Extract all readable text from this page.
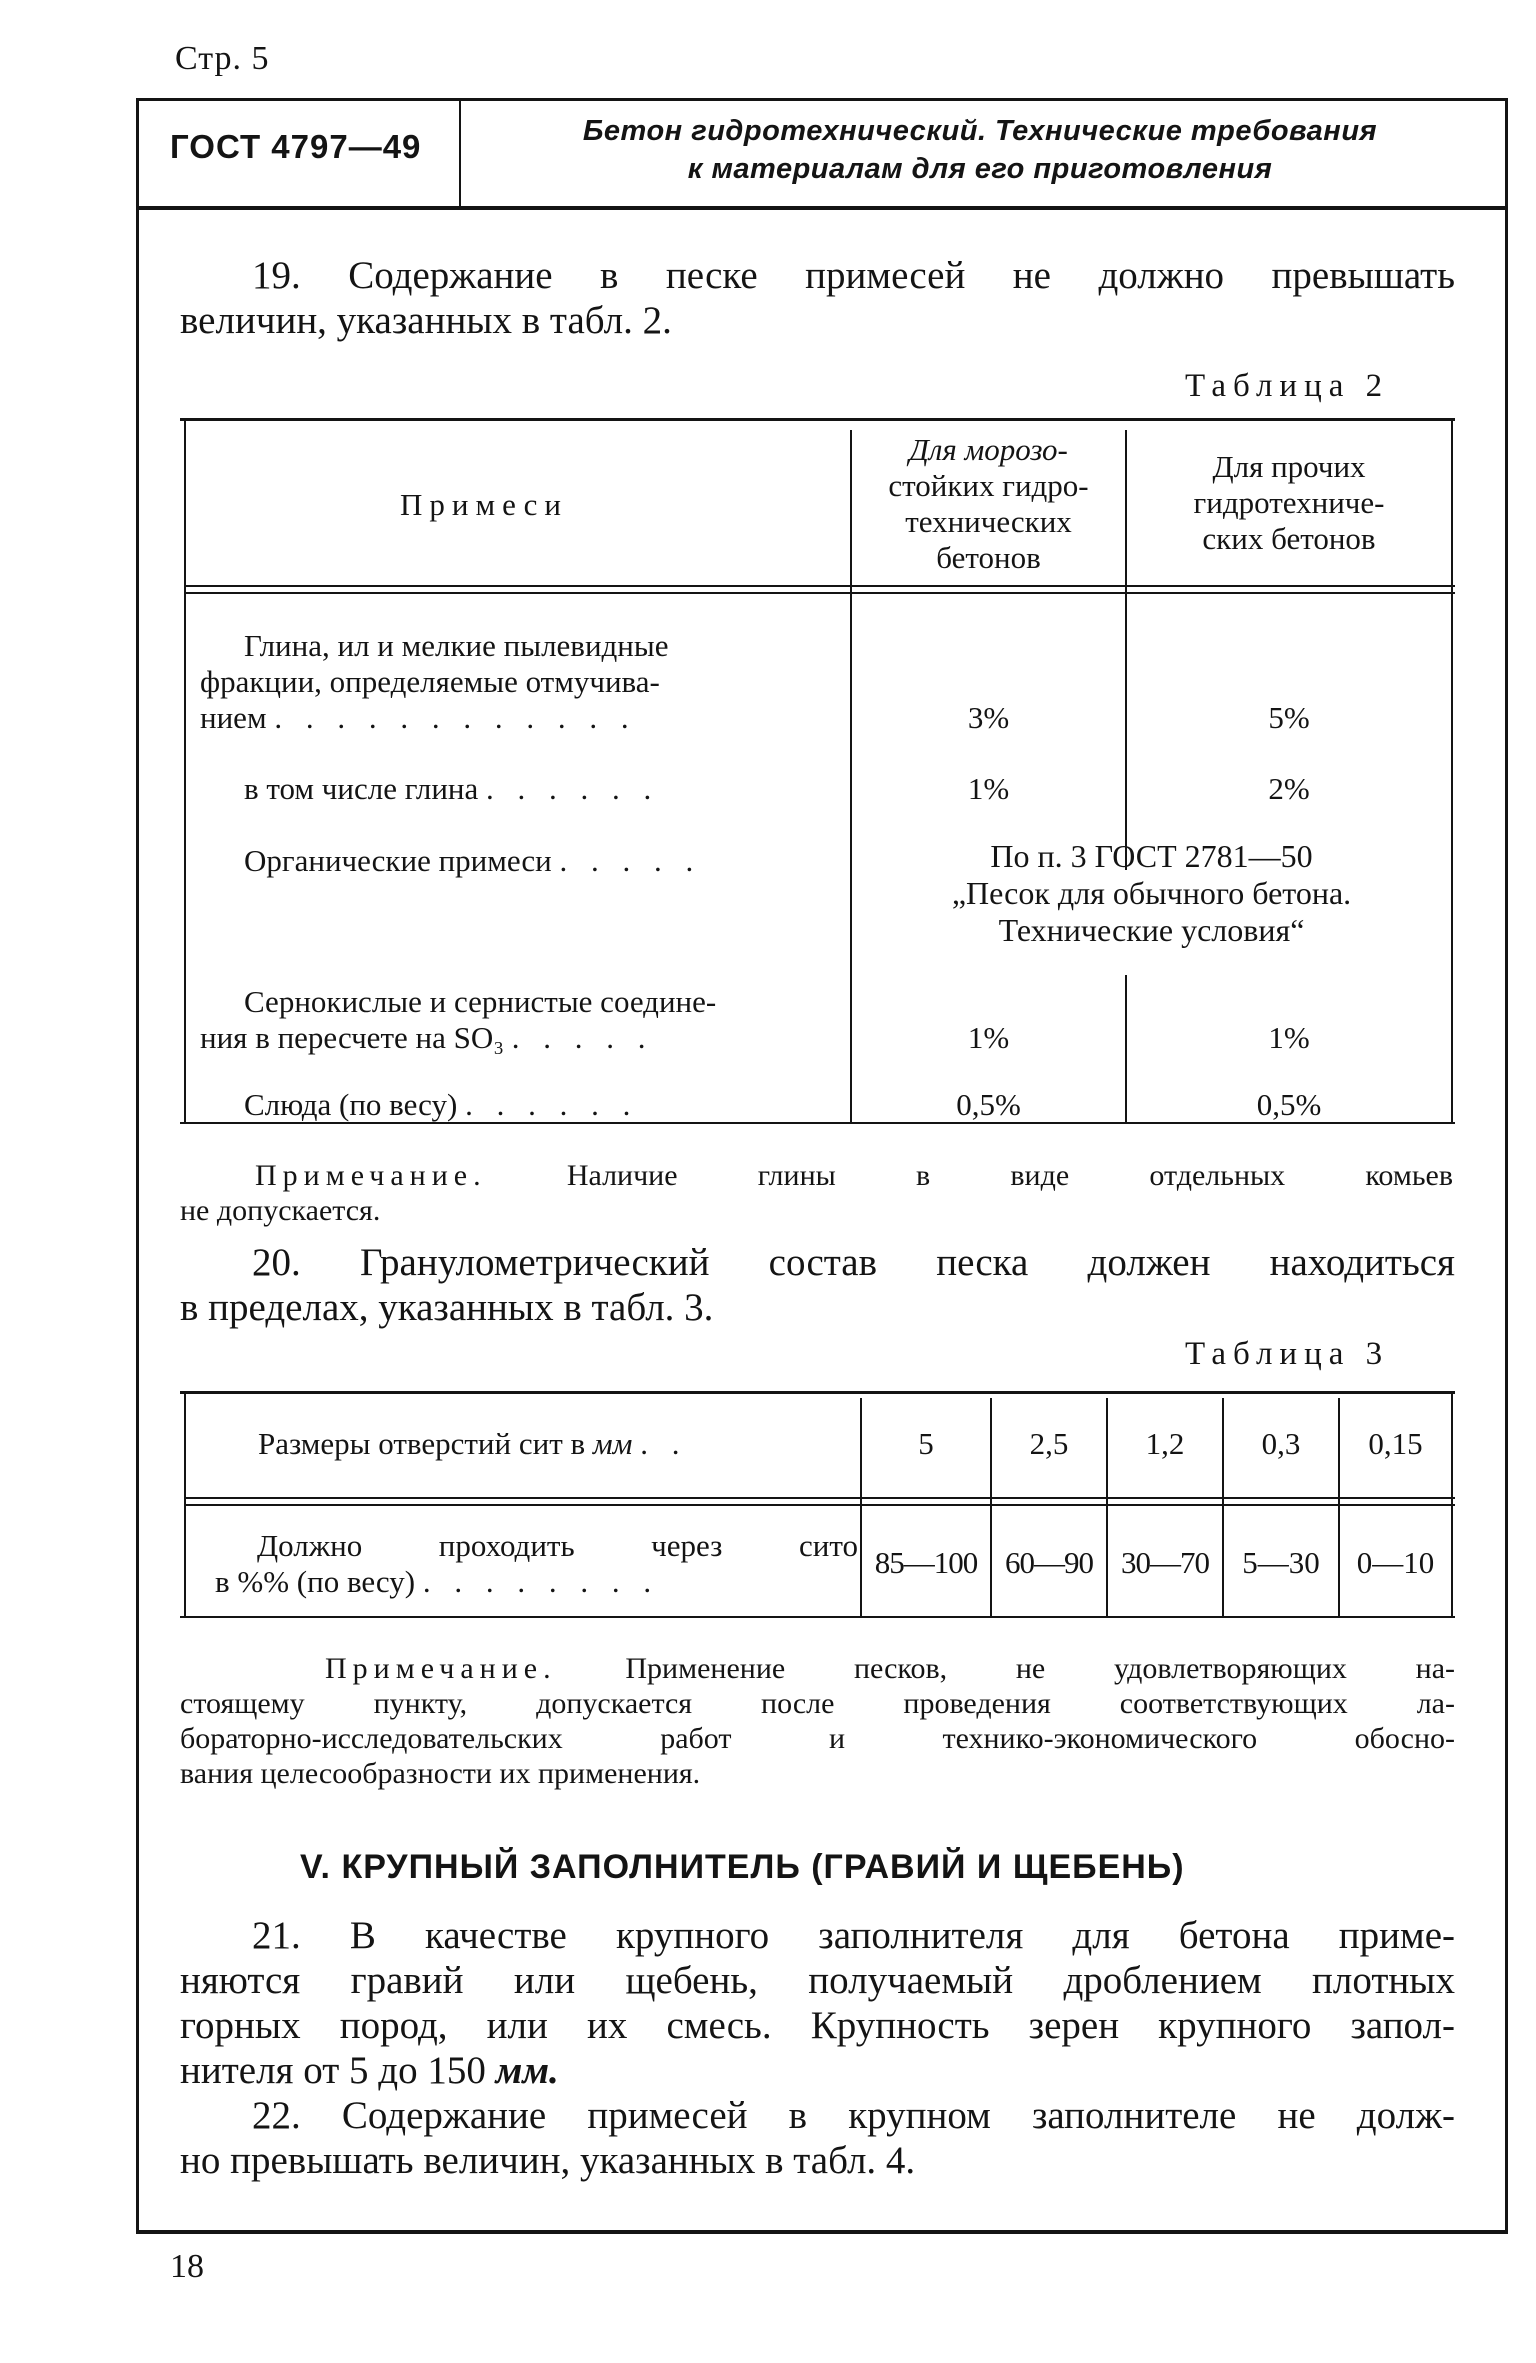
Стр. 5
ГОСТ 4797—49	Бетон гидротехнический. Технические требования
к материалам для его приготовления
19. Содержание в песке примесей не должно превышать
величин, указанных в табл. 2.
Таблица 2
Примеси
Для морозо-
стойких гидро-
технических
бетонов
Для прочих
гидротехниче-
ских бетонов
Глина, ил и мелкие пылевидные
фракции, определяемые отмучива-
нием . . . . . . . . . . . .	3%	5%
в том числе глина . . . . . .	1%	2%
Органические примеси . . . . .	По п. 3 ГОСТ 2781—50
„Песок для обычного бетона.
Технические условия“
Сернокислые и сернистые соедине-
ния в пересчете на SO₃ . . . . .	1%	1%
Слюда (по весу) . . . . . .	0,5%	0,5%
Примечание.	Наличие глины в виде отдельных комьев
не допускается.
20. Гранулометрический состав песка должен находиться
в пределах, указанных в табл. 3.
Таблица 3
Размеры отверстий сит в мм . .	5	2,5	1,2	0,3	0,15
Должно проходить через сито
в %% (по весу) . . . . . . . .
85—100 60—90 30—70	5—30	0—10
Примечание. Применение песков, не удовлетворяющих на-
стоящему пункту, допускается после проведения соответствующих ла-
бораторно-исследовательских работ и технико-экономического обосно-
вания целесообразности их применения.
V. КРУПНЫЙ ЗАПОЛНИТЕЛЬ (ГРАВИЙ И ЩЕБЕНЬ)
21. В качестве крупного заполнителя для бетона приме-
няются гравий или щебень, получаемый дроблением плотных
горных пород, или их смесь. Крупность зерен крупного запол-
нителя от 5 до 150 мм.
22. Содержание примесей в крупном заполнителе не долж-
но превышать величин, указанных в табл. 4.
18
